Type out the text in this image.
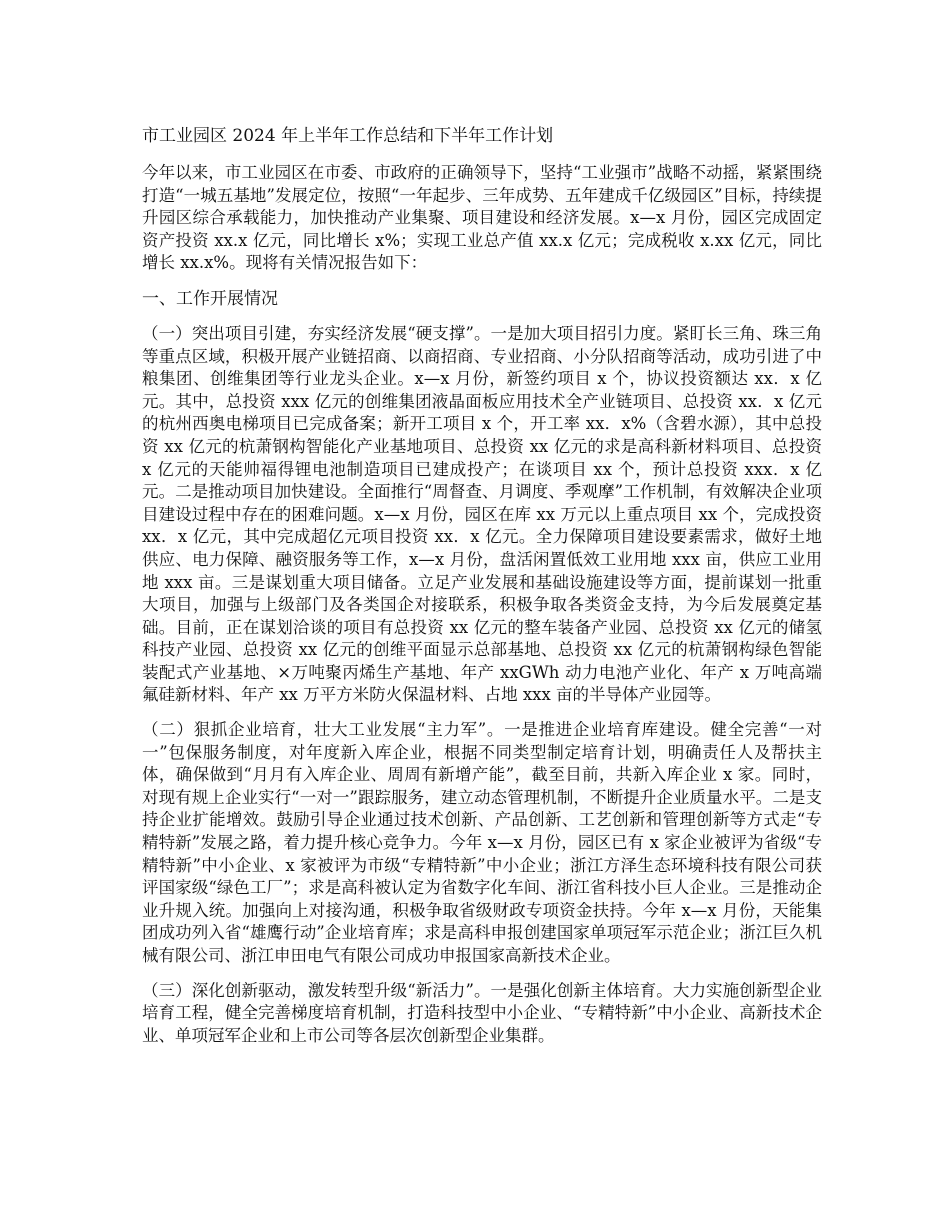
市工业园区 2024 年上半年工作总结和下半年工作计划

今年以来，市工业园区在市委、市政府的正确领导下，坚持“工业强市”战略不动摇，紧紧围绕打造“一城五基地”发展定位，按照“一年起步、三年成势、五年建成千亿级园区”目标，持续提升园区综合承载能力，加快推动产业集聚、项目建设和经济发展。x—x 月份，园区完成固定资产投资 xx.x 亿元，同比增长 x%；实现工业总产值 xx.x 亿元；完成税收 x.xx 亿元，同比增长 xx.x%。现将有关情况报告如下：

一、工作开展情况

（一）突出项目引建，夯实经济发展“硬支撑”。一是加大项目招引力度。紧盯长三角、珠三角等重点区域，积极开展产业链招商、以商招商、专业招商、小分队招商等活动，成功引进了中粮集团、创维集团等行业龙头企业。x—x 月份，新签约项目 x 个，协议投资额达 xx．x 亿元。其中，总投资 xxx 亿元的创维集团液晶面板应用技术全产业链项目、总投资 xx．x 亿元的杭州西奥电梯项目已完成备案；新开工项目 x 个，开工率 xx．x%（含碧水源），其中总投资 xx 亿元的杭萧钢构智能化产业基地项目、总投资 xx 亿元的求是高科新材料项目、总投资 x 亿元的天能帅福得锂电池制造项目已建成投产；在谈项目 xx 个，预计总投资 xxx．x 亿元。二是推动项目加快建设。全面推行“周督查、月调度、季观摩”工作机制，有效解决企业项目建设过程中存在的困难问题。x—x 月份，园区在库 xx 万元以上重点项目 xx 个，完成投资 xx．x 亿元，其中完成超亿元项目投资 xx．x 亿元。全力保障项目建设要素需求，做好土地供应、电力保障、融资服务等工作，x—x 月份，盘活闲置低效工业用地 xxx 亩，供应工业用地 xxx 亩。三是谋划重大项目储备。立足产业发展和基础设施建设等方面，提前谋划一批重大项目，加强与上级部门及各类国企对接联系，积极争取各类资金支持，为今后发展奠定基础。目前，正在谋划洽谈的项目有总投资 xx 亿元的整车装备产业园、总投资 xx 亿元的储氢科技产业园、总投资 xx 亿元的创维平面显示总部基地、总投资 xx 亿元的杭萧钢构绿色智能装配式产业基地、×万吨聚丙烯生产基地、年产 xxGWh 动力电池产业化、年产 x 万吨高端氟硅新材料、年产 xx 万平方米防火保温材料、占地 xxx 亩的半导体产业园等。

（二）狠抓企业培育，壮大工业发展“主力军”。一是推进企业培育库建设。健全完善“一对一”包保服务制度，对年度新入库企业，根据不同类型制定培育计划，明确责任人及帮扶主体，确保做到“月月有入库企业、周周有新增产能”，截至目前，共新入库企业 x 家。同时，对现有规上企业实行“一对一”跟踪服务，建立动态管理机制，不断提升企业质量水平。二是支持企业扩能增效。鼓励引导企业通过技术创新、产品创新、工艺创新和管理创新等方式走“专精特新”发展之路，着力提升核心竞争力。今年 x—x 月份，园区已有 x 家企业被评为省级“专精特新”中小企业、x 家被评为市级“专精特新”中小企业；浙江方泽生态环境科技有限公司获评国家级“绿色工厂”；求是高科被认定为省数字化车间、浙江省科技小巨人企业。三是推动企业升规入统。加强向上对接沟通，积极争取省级财政专项资金扶持。今年 x—x 月份，天能集团成功列入省“雄鹰行动”企业培育库；求是高科申报创建国家单项冠军示范企业；浙江巨久机械有限公司、浙江申田电气有限公司成功申报国家高新技术企业。

（三）深化创新驱动，激发转型升级“新活力”。一是强化创新主体培育。大力实施创新型企业培育工程，健全完善梯度培育机制，打造科技型中小企业、“专精特新”中小企业、高新技术企业、单项冠军企业和上市公司等各层次创新型企业集群。
